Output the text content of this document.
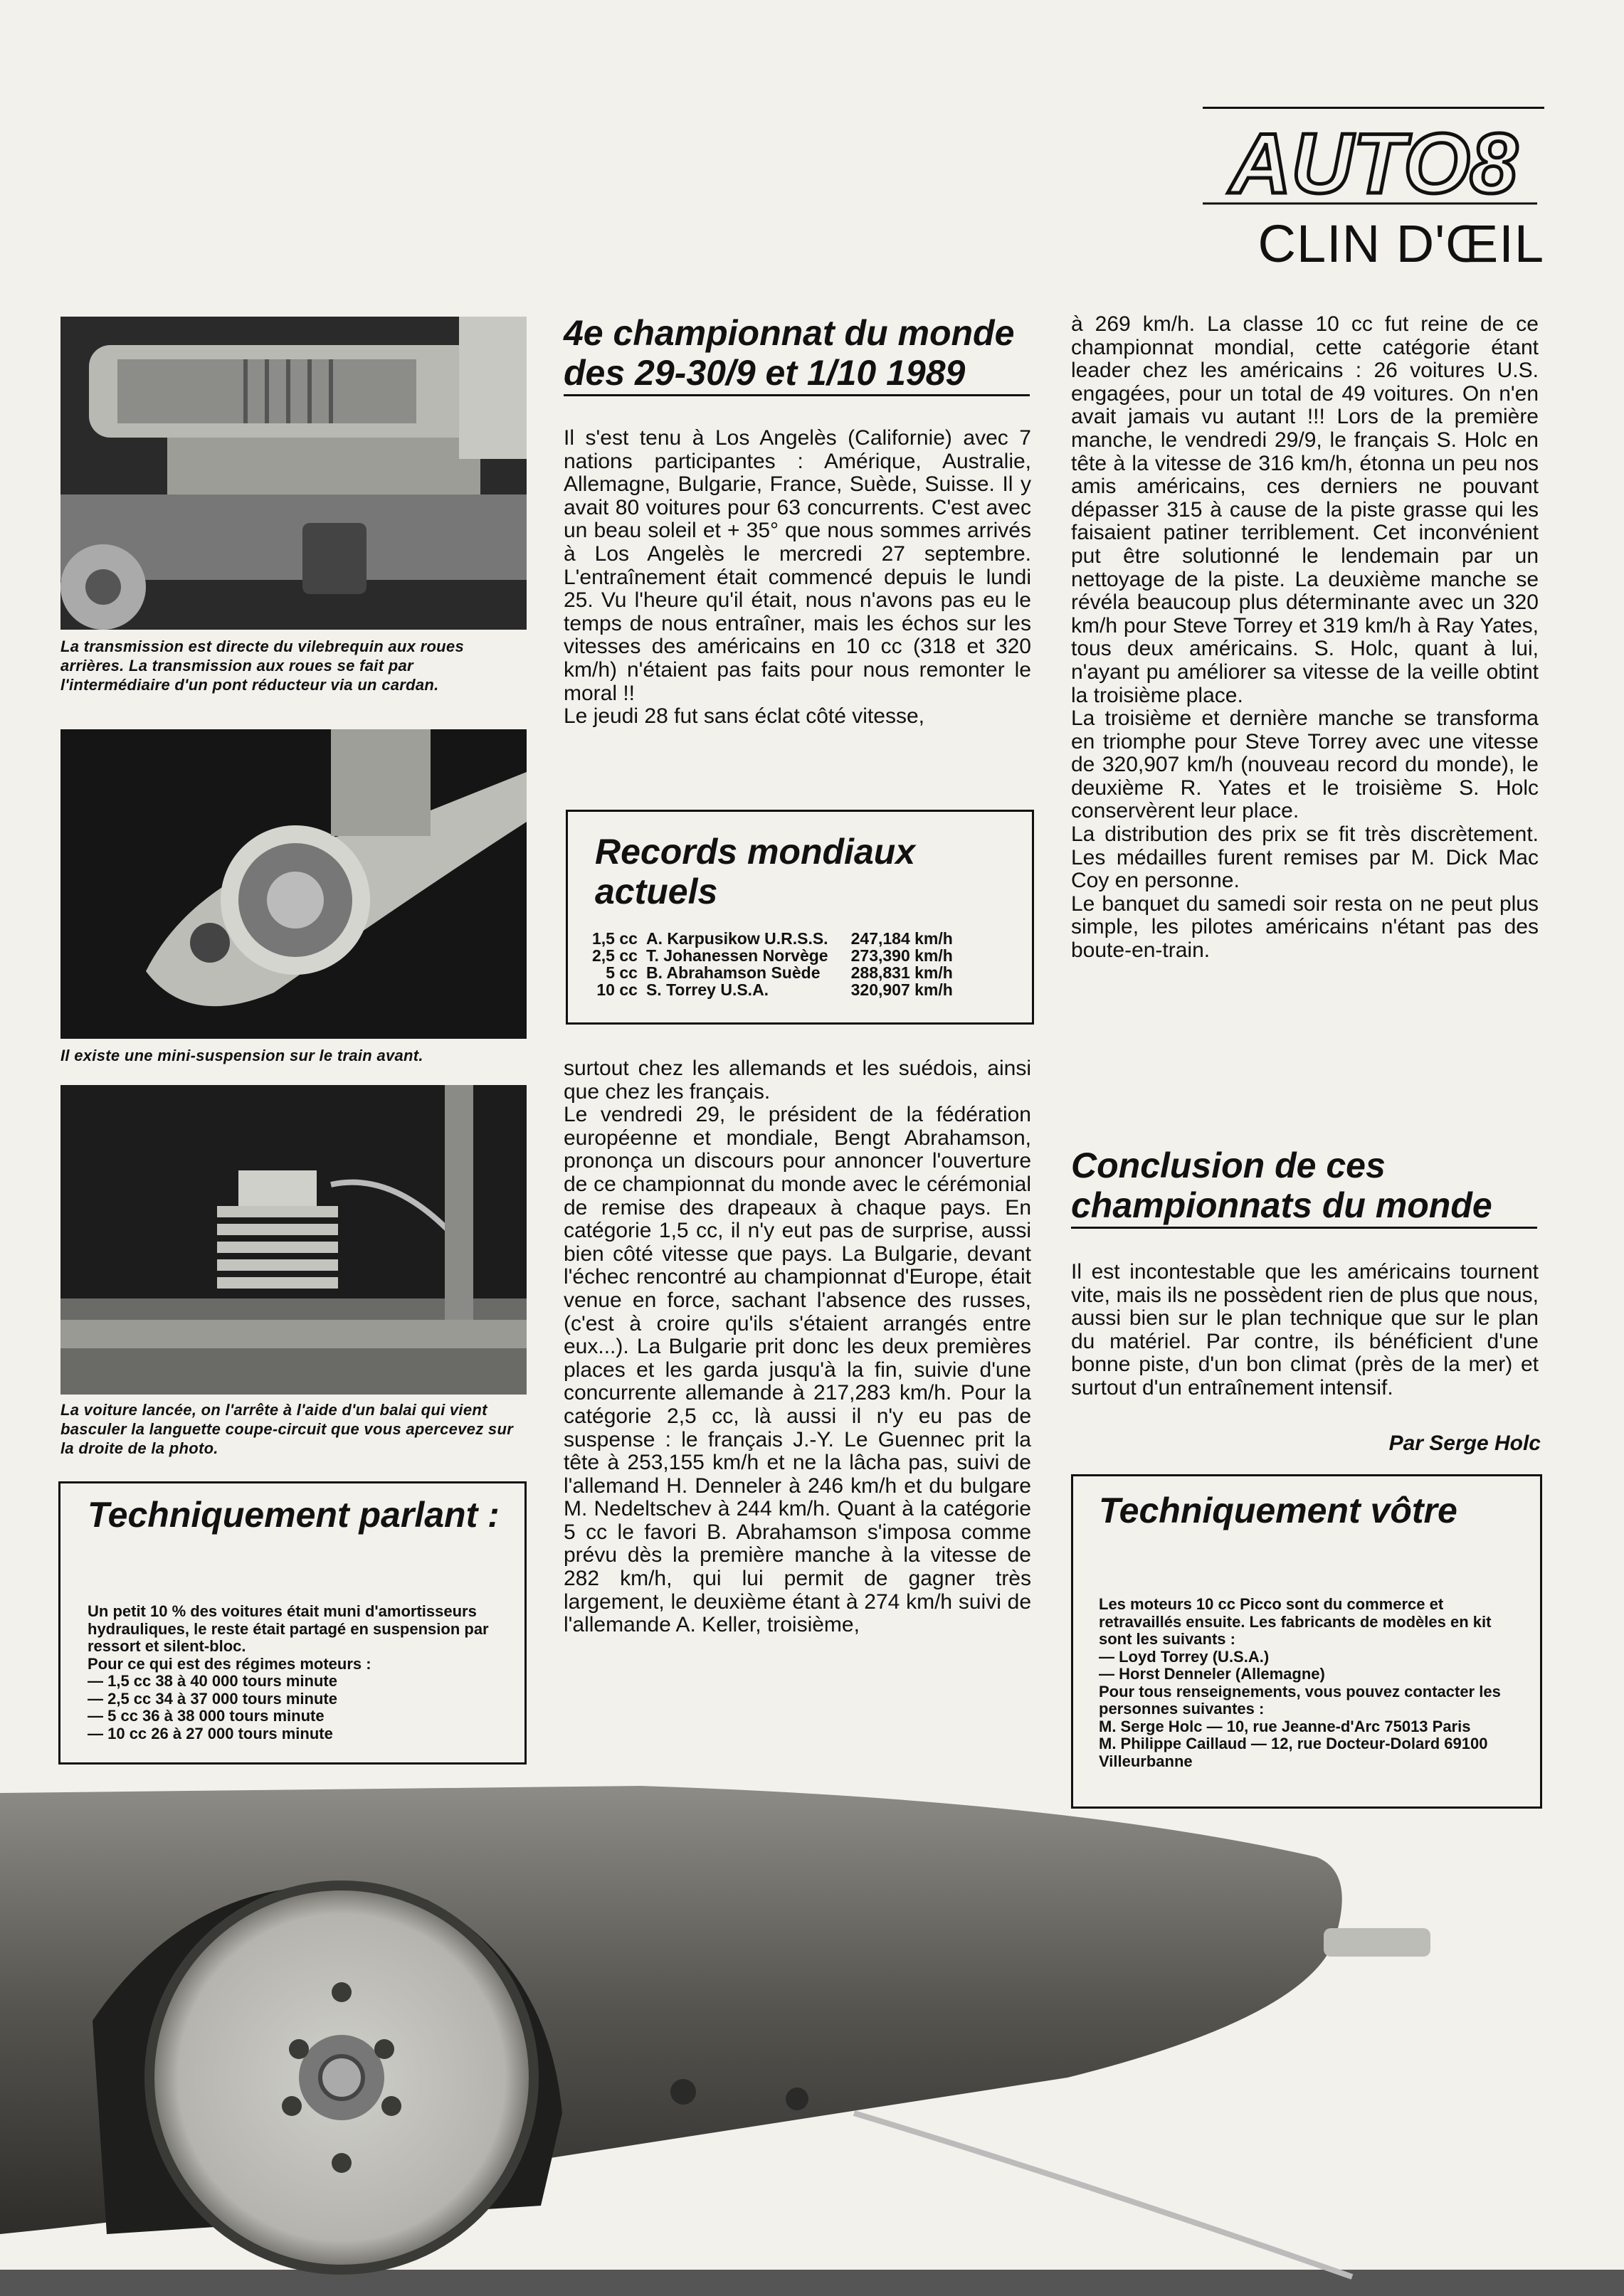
AUTO8
CLIN D'ŒIL
La transmission est directe du vilebrequin aux roues arrières. La transmission aux roues se fait par l'intermédiaire d'un pont réducteur via un cardan.
Il existe une mini-suspension sur le train avant.
La voiture lancée, on l'arrête à l'aide d'un balai qui vient basculer la languette coupe-circuit que vous apercevez sur la droite de la photo.
Techniquement parlant :
Un petit 10 % des voitures était muni d'amortisseurs hydrauliques, le reste était partagé en suspension par ressort et silent-bloc.
Pour ce qui est des régimes moteurs :
— 1,5 cc 38 à 40 000 tours minute
— 2,5 cc 34 à 37 000 tours minute
— 5 cc 36 à 38 000 tours minute
— 10 cc 26 à 27 000 tours minute
4e championnat du monde des 29-30/9 et 1/10 1989
Il s'est tenu à Los Angelès (Californie) avec 7 nations participantes : Amérique, Australie, Allemagne, Bulgarie, France, Suède, Suisse. Il y avait 80 voitures pour 63 concurrents. C'est avec un beau soleil et + 35° que nous sommes arrivés à Los Angelès le mercredi 27 septembre. L'entraînement était commencé depuis le lundi 25. Vu l'heure qu'il était, nous n'avons pas eu le temps de nous entraîner, mais les échos sur les vitesses des américains en 10 cc (318 et 320 km/h) n'étaient pas faits pour nous remonter le moral !!
Le jeudi 28 fut sans éclat côté vitesse,
Records mondiaux actuels
1,5 cc	A. Karpusikow U.R.S.S.	247,184 km/h
2,5 cc	T. Johanessen Norvège	273,390 km/h
5 cc	B. Abrahamson Suède	288,831 km/h
10 cc	S. Torrey U.S.A.	320,907 km/h
surtout chez les allemands et les suédois, ainsi que chez les français.
Le vendredi 29, le président de la fédération européenne et mondiale, Bengt Abrahamson, prononça un discours pour annoncer l'ouverture de ce championnat du monde avec le cérémonial de remise des drapeaux à chaque pays. En catégorie 1,5 cc, il n'y eut pas de surprise, aussi bien côté vitesse que pays. La Bulgarie, devant l'échec rencontré au championnat d'Europe, était venue en force, sachant l'absence des russes, (c'est à croire qu'ils s'étaient arrangés entre eux...). La Bulgarie prit donc les deux premières places et les garda jusqu'à la fin, suivie d'une concurrente allemande à 217,283 km/h. Pour la catégorie 2,5 cc, là aussi il n'y eu pas de suspense : le français J.-Y. Le Guennec prit la tête à 253,155 km/h et ne la lâcha pas, suivi de l'allemand H. Denneler à 246 km/h et du bulgare M. Nedeltschev à 244 km/h. Quant à la catégorie 5 cc le favori B. Abrahamson s'imposa comme prévu dès la première manche à la vitesse de 282 km/h, qui lui permit de gagner très largement, le deuxième étant à 274 km/h suivi de l'allemande A. Keller, troisième,
à 269 km/h. La classe 10 cc fut reine de ce championnat mondial, cette catégorie étant leader chez les américains : 26 voitures U.S. engagées, pour un total de 49 voitures. On n'en avait jamais vu autant !!! Lors de la première manche, le vendredi 29/9, le français S. Holc en tête à la vitesse de 316 km/h, étonna un peu nos amis américains, ces derniers ne pouvant dépasser 315 à cause de la piste grasse qui les faisaient patiner terriblement. Cet inconvénient put être solutionné le lendemain par un nettoyage de la piste. La deuxième manche se révéla beaucoup plus déterminante avec un 320 km/h pour Steve Torrey et 319 km/h à Ray Yates, tous deux américains. S. Holc, quant à lui, n'ayant pu améliorer sa vitesse de la veille obtint la troisième place.
La troisième et dernière manche se transforma en triomphe pour Steve Torrey avec une vitesse de 320,907 km/h (nouveau record du monde), le deuxième R. Yates et le troisième S. Holc conservèrent leur place.
La distribution des prix se fit très discrètement. Les médailles furent remises par M. Dick Mac Coy en personne.
Le banquet du samedi soir resta on ne peut plus simple, les pilotes américains n'étant pas des boute-en-train.
Conclusion de ces championnats du monde
Il est incontestable que les américains tournent vite, mais ils ne possèdent rien de plus que nous, aussi bien sur le plan technique que sur le plan du matériel. Par contre, ils bénéficient d'une bonne piste, d'un bon climat (près de la mer) et surtout d'un entraînement intensif.
Par Serge Holc
Techniquement vôtre
Les moteurs 10 cc Picco sont du commerce et retravaillés ensuite. Les fabricants de modèles en kit sont les suivants :
— Loyd Torrey (U.S.A.)
— Horst Denneler (Allemagne)
Pour tous renseignements, vous pouvez contacter les personnes suivantes :
M. Serge Holc — 10, rue Jeanne-d'Arc 75013 Paris
M. Philippe Caillaud — 12, rue Docteur-Dolard 69100 Villeurbanne
